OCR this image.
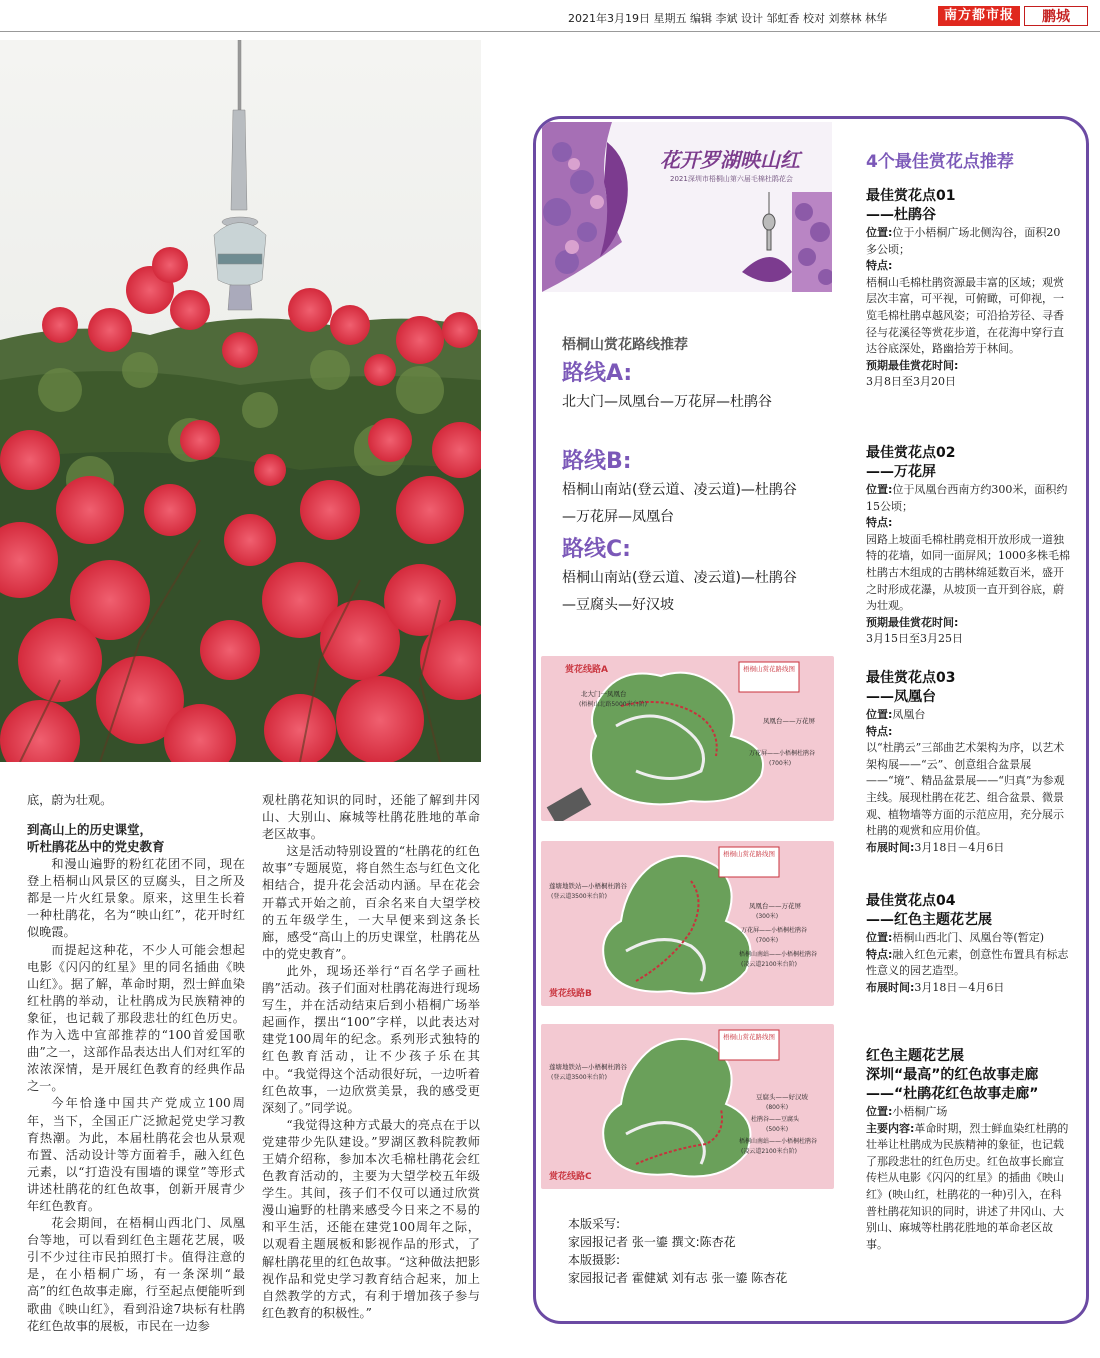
2021年3月19日 星期五 编辑 李斌 设计 邹虹香 校对 刘蔡林 林华	南方都市报	鹏城

底，蔚为壮观。

到高山上的历史课堂，
听杜鹃花丛中的党史教育

和漫山遍野的粉红花团不同，现在登上梧桐山风景区的豆腐头，目之所及都是一片火红景象。原来，这里生长着一种杜鹃花，名为“映山红”，花开时红似晚霞。

而提起这种花，不少人可能会想起电影《闪闪的红星》里的同名插曲《映山红》。据了解，革命时期，烈士鲜血染红杜鹃的举动，让杜鹃成为民族精神的象征，也记载了那段悲壮的红色历史。作为入选中宣部推荐的“100首爱国歌曲”之一，这部作品表达出人们对红军的浓浓深情，是开展红色教育的经典作品之一。

今年恰逢中国共产党成立100周年，当下，全国正广泛掀起党史学习教育热潮。为此，本届杜鹃花会也从景观布置、活动设计等方面着手，融入红色元素，以“打造没有围墙的课堂”等形式讲述杜鹃花的红色故事，创新开展青少年红色教育。

花会期间，在梧桐山西北门、凤凰台等地，可以看到红色主题花艺展，吸引不少过往市民拍照打卡。值得注意的是，在小梧桐广场，有一条深圳“最高”的红色故事走廊，行至起点便能听到歌曲《映山红》，看到沿途7块标有杜鹃花红色故事的展板，市民在一边参

观杜鹃花知识的同时，还能了解到井冈山、大别山、麻城等杜鹃花胜地的革命老区故事。

这是活动特别设置的“杜鹃花的红色故事”专题展览，将自然生态与红色文化相结合，提升花会活动内涵。早在花会开幕式开始之前，百余名来自大望学校的五年级学生，一大早便来到这条长廊，感受“高山上的历史课堂，杜鹃花丛中的党史教育”。

此外，现场还举行“百名学子画杜鹃”活动。孩子们面对杜鹃花海进行现场写生，并在活动结束后到小梧桐广场举起画作，摆出“100”字样，以此表达对建党100周年的纪念。系列形式独特的红色教育活动，让不少孩子乐在其中。“我觉得这个活动很好玩，一边听着红色故事，一边欣赏美景，我的感受更深刻了。”同学说。

“我觉得这种方式最大的亮点在于以党建带少先队建设。”罗湖区教科院教师王婧介绍称，参加本次毛棉杜鹃花会红色教育活动的，主要为大望学校五年级学生。其间，孩子们不仅可以通过欣赏漫山遍野的杜鹃来感受今日来之不易的和平生活，还能在建党100周年之际，以观看主题展板和影视作品的形式，了解杜鹃花里的红色故事。“这种做法把影视作品和党史学习教育结合起来，加上自然教学的方式，有利于增加孩子参与红色教育的积极性。”

花开罗湖映山红
2021深圳市梧桐山第六届毛棉杜鹃花会
梧桐山赏花路线推荐
路线A:
北大门—凤凰台—万花屏—杜鹃谷
路线B:
梧桐山南站(登云道、凌云道)—杜鹃谷—万花屏—凤凰台
路线C:
梧桐山南站(登云道、凌云道)—杜鹃谷—豆腐头—好汉坡
赏花线路A	梧桐山赏花路线图
北大门一凤凰台
(梧桐山北路5000米台阶)
凤凰台——万花屏
万花屏——小梧桐杜鹃谷
(700米)
梧桐山赏花路线图
莲塘地铁站—小梧桐杜鹃谷
(登云道3500米台阶)
凤凰台——万花屏
(300米)
万花屏——小梧桐杜鹃谷
(700米)
梧桐山南站——小梧桐杜鹃谷
(凌云道2100米台阶)
赏花线路B
梧桐山赏花路线图
莲塘地铁站—小梧桐杜鹃谷
(登云道3500米台阶)
豆腐头——好汉坡
(800米)
杜鹃谷——豆腐头
(500米)
梧桐山南站——小梧桐杜鹃谷
(凌云道2100米台阶)
赏花线路C
本版采写:
家园报记者 张一鎏 撰文:陈杏花
本版摄影:
家园报记者 霍健斌 刘有志 张一鎏 陈杏花
4个最佳赏花点推荐
最佳赏花点01
——杜鹃谷
位置:位于小梧桐广场北侧沟谷，面积20多公顷；
特点:
梧桐山毛棉杜鹃资源最丰富的区域；观赏层次丰富，可平视，可俯瞰，可仰视，一览毛棉杜鹃卓越风姿；可沿拾芳径、寻香径与花溪径等赏花步道，在花海中穿行直达谷底深处，路幽拾芳于林间。
预期最佳赏花时间:
3月8日至3月20日
最佳赏花点02
——万花屏
位置:位于凤凰台西南方约300米，面积约15公顷；
特点:
园路上坡面毛棉杜鹃竞相开放形成一道独特的花墙，如同一面屏风；1000多株毛棉杜鹃古木组成的古鹃林绵延数百米，盛开之时形成花瀑，从坡顶一直开到谷底，蔚为壮观。
预期最佳赏花时间:
3月15日至3月25日
最佳赏花点03
——凤凰台
位置:凤凰台
特点:
以“杜鹃云”三部曲艺术架构为序，以艺术架构展——“云”、创意组合盆景展——“境”、精品盆景展——“归真”为参观主线。展现杜鹃在花艺、组合盆景、微景观、植物墙等方面的示范应用，充分展示杜鹃的观赏和应用价值。
布展时间:3月18日－4月6日
最佳赏花点04
——红色主题花艺展
位置:梧桐山西北门、凤凰台等(暂定)
特点:融入红色元素，创意性布置具有标志性意义的园艺造型。
布展时间:3月18日－4月6日
红色主题花艺展
深圳“最高”的红色故事走廊——“杜鹃花红色故事走廊”
位置:小梧桐广场
主要内容:革命时期，烈士鲜血染红杜鹃的壮举让杜鹃成为民族精神的象征，也记载了那段悲壮的红色历史。红色故事长廊宣传栏从电影《闪闪的红星》的插曲《映山红》(映山红，杜鹃花的一种)引入，在科普杜鹃花知识的同时，讲述了井冈山、大别山、麻城等杜鹃花胜地的革命老区故事。
